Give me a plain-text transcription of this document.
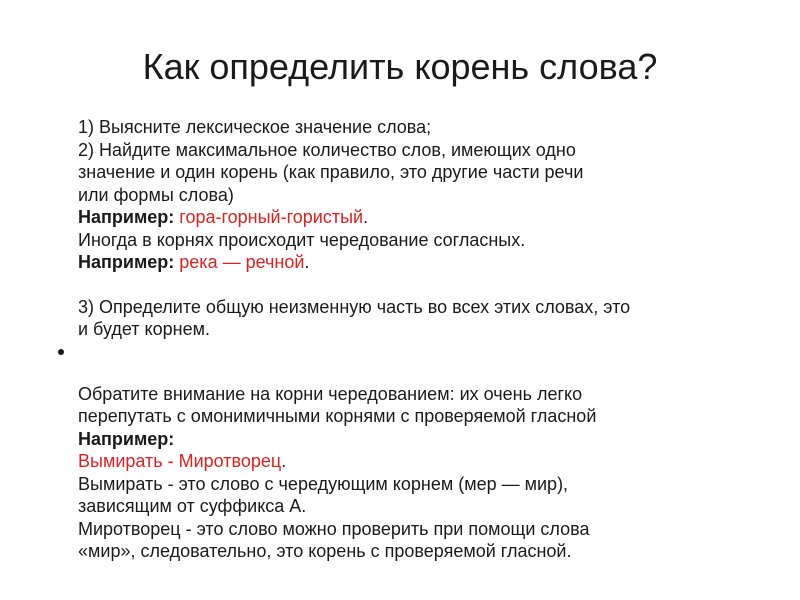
Как определить корень слова?

1) Выясните лексическое значение слова;

2) Найдите максимальное количество слов, имеющих одно

значение и один корень (как правило, это другие части речи

или формы слова)

Например: гора-горный-гористый.

Иногда в корнях происходит чередование согласных.

Например: река — речной.

3) Определите общую неизменную часть во всех этих словах, это

и будет корнем.

Обратите внимание на корни чередованием: их очень легко

перепутать с омонимичными корнями с проверяемой гласной

Например:

Вымирать - Миротворец.

Вымирать - это слово с чередующим корнем (мер — мир),

зависящим от суффикса А.

Миротворец - это слово можно проверить при помощи слова

«мир», следовательно, это корень с проверяемой гласной.
